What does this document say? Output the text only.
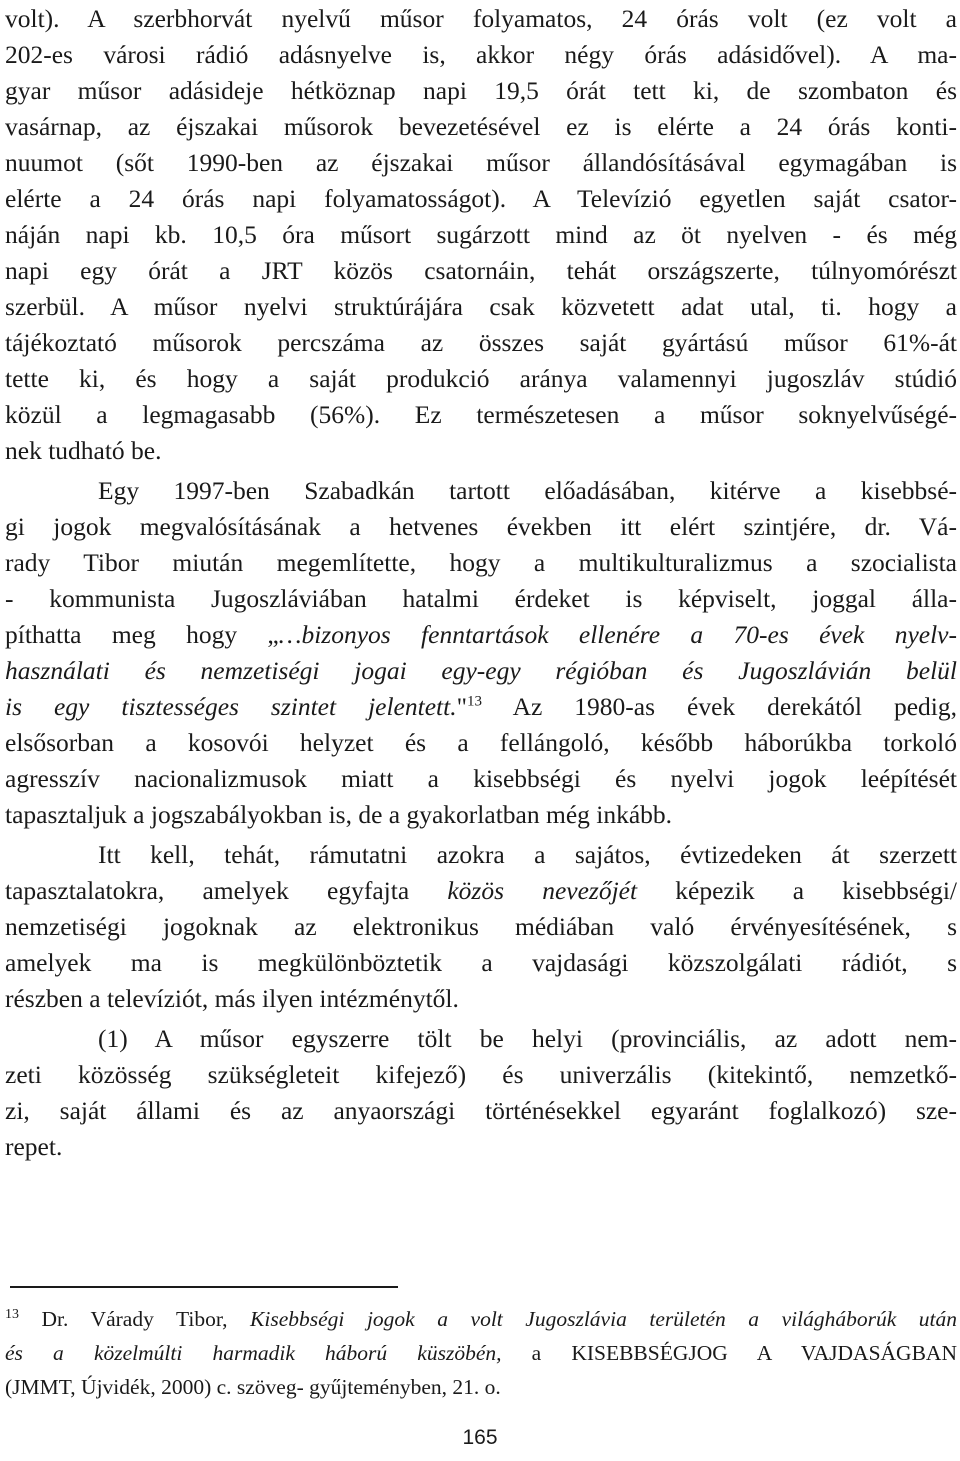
volt). A szerbhorvát nyelvű műsor folyamatos, 24 órás volt (ez volt a
202-es városi rádió adásnyelve is, akkor négy órás adásidővel). A ma-
gyar műsor adásideje hétköznap napi 19,5 órát tett ki, de szombaton és
vasárnap, az éjszakai műsorok bevezetésével ez is elérte a 24 órás konti-
nuumot (sőt 1990-ben az éjszakai műsor állandósításával egymagában is
elérte a 24 órás napi folyamatosságot). A Televízió egyetlen saját csator-
náján napi kb. 10,5 óra műsort sugárzott mind az öt nyelven - és még
napi egy órát a JRT közös csatornáin, tehát országszerte, túlnyomórészt
szerbül. A műsor nyelvi struktúrájára csak közvetett adat utal, ti. hogy a
tájékoztató műsorok percszáma az összes saját gyártású műsor 61%-át
tette ki, és hogy a saját produkció aránya valamennyi jugoszláv stúdió
közül a legmagasabb (56%). Ez természetesen a műsor soknyelvűségé-
nek tudható be.
Egy 1997-ben Szabadkán tartott előadásában, kitérve a kisebbsé-
gi jogok megvalósításának a hetvenes években itt elért szintjére, dr. Vá-
rady Tibor miután megemlítette, hogy a multikulturalizmus a szocialista
- kommunista Jugoszláviában hatalmi érdeket is képviselt, joggal álla-
píthatta meg hogy „…bizonyos fenntartások ellenére a 70-es évek nyelv-
használati és nemzetiségi jogai egy-egy régióban és Jugoszlávián belül
is egy tisztességes szintet jelentett."$^{13}$ Az 1980-as évek derekától pedig,
elsősorban a kosovói helyzet és a fellángoló, később háborúkba torkoló
agresszív nacionalizmusok miatt a kisebbségi és nyelvi jogok leépítését
tapasztaljuk a jogszabályokban is, de a gyakorlatban még inkább.
Itt kell, tehát, rámutatni azokra a sajátos, évtizedeken át szerzett
tapasztalatokra, amelyek egyfajta közös nevezőjét képezik a kisebbségi/
nemzetiségi jogoknak az elektronikus médiában való érvényesítésének, s
amelyek ma is megkülönböztetik a vajdasági közszolgálati rádiót, s
részben a televíziót, más ilyen intézménytől.
(1) A műsor egyszerre tölt be helyi (provinciális, az adott nem-
zeti közösség szükségleteit kifejező) és univerzális (kitekintő, nemzetkő-
zi, saját állami és az anyaországi történésekkel egyaránt foglalkozó) sze-
repet.
$^{13}$ Dr. Várady Tibor, Kisebbségi jogok a volt Jugoszlávia területén a világháborúk után
és a közelmúlti harmadik háború küszöbén, a KISEBBSÉGJOG A VAJDASÁGBAN
(JMMT, Újvidék, 2000) c. szöveg- gyűjteményben, 21. o.
165
